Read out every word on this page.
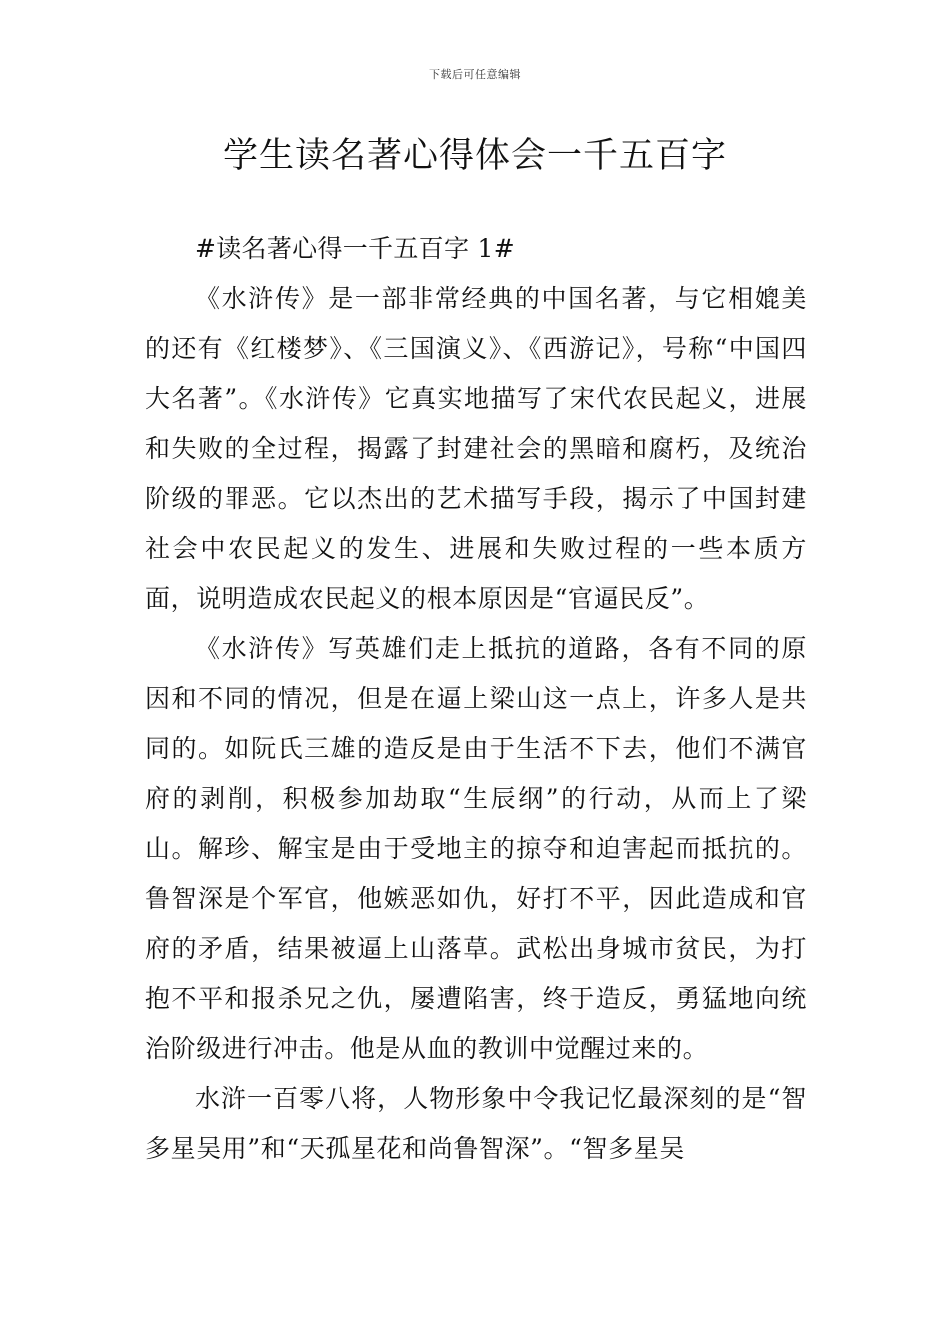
下载后可任意编辑
学生读名著心得体会一千五百字

#读名著心得一千五百字 1#

《水浒传》是一部非常经典的中国名著，与它相媲美的还有《红楼梦》、《三国演义》、《西游记》，号称“中国四大名著”。《水浒传》它真实地描写了宋代农民起义，进展和失败的全过程，揭露了封建社会的黑暗和腐朽，及统治阶级的罪恶。它以杰出的艺术描写手段，揭示了中国封建社会中农民起义的发生、进展和失败过程的一些本质方面，说明造成农民起义的根本原因是“官逼民反”。

《水浒传》写英雄们走上抵抗的道路，各有不同的原因和不同的情况，但是在逼上梁山这一点上，许多人是共同的。如阮氏三雄的造反是由于生活不下去，他们不满官府的剥削，积极参加劫取“生辰纲”的行动，从而上了梁山。解珍、解宝是由于受地主的掠夺和迫害起而抵抗的。鲁智深是个军官，他嫉恶如仇，好打不平，因此造成和官府的矛盾，结果被逼上山落草。武松出身城市贫民，为打抱不平和报杀兄之仇，屡遭陷害，终于造反，勇猛地向统治阶级进行冲击。他是从血的教训中觉醒过来的。

水浒一百零八将，人物形象中令我记忆最深刻的是“智多星吴用”和“天孤星花和尚鲁智深”。“智多星吴
